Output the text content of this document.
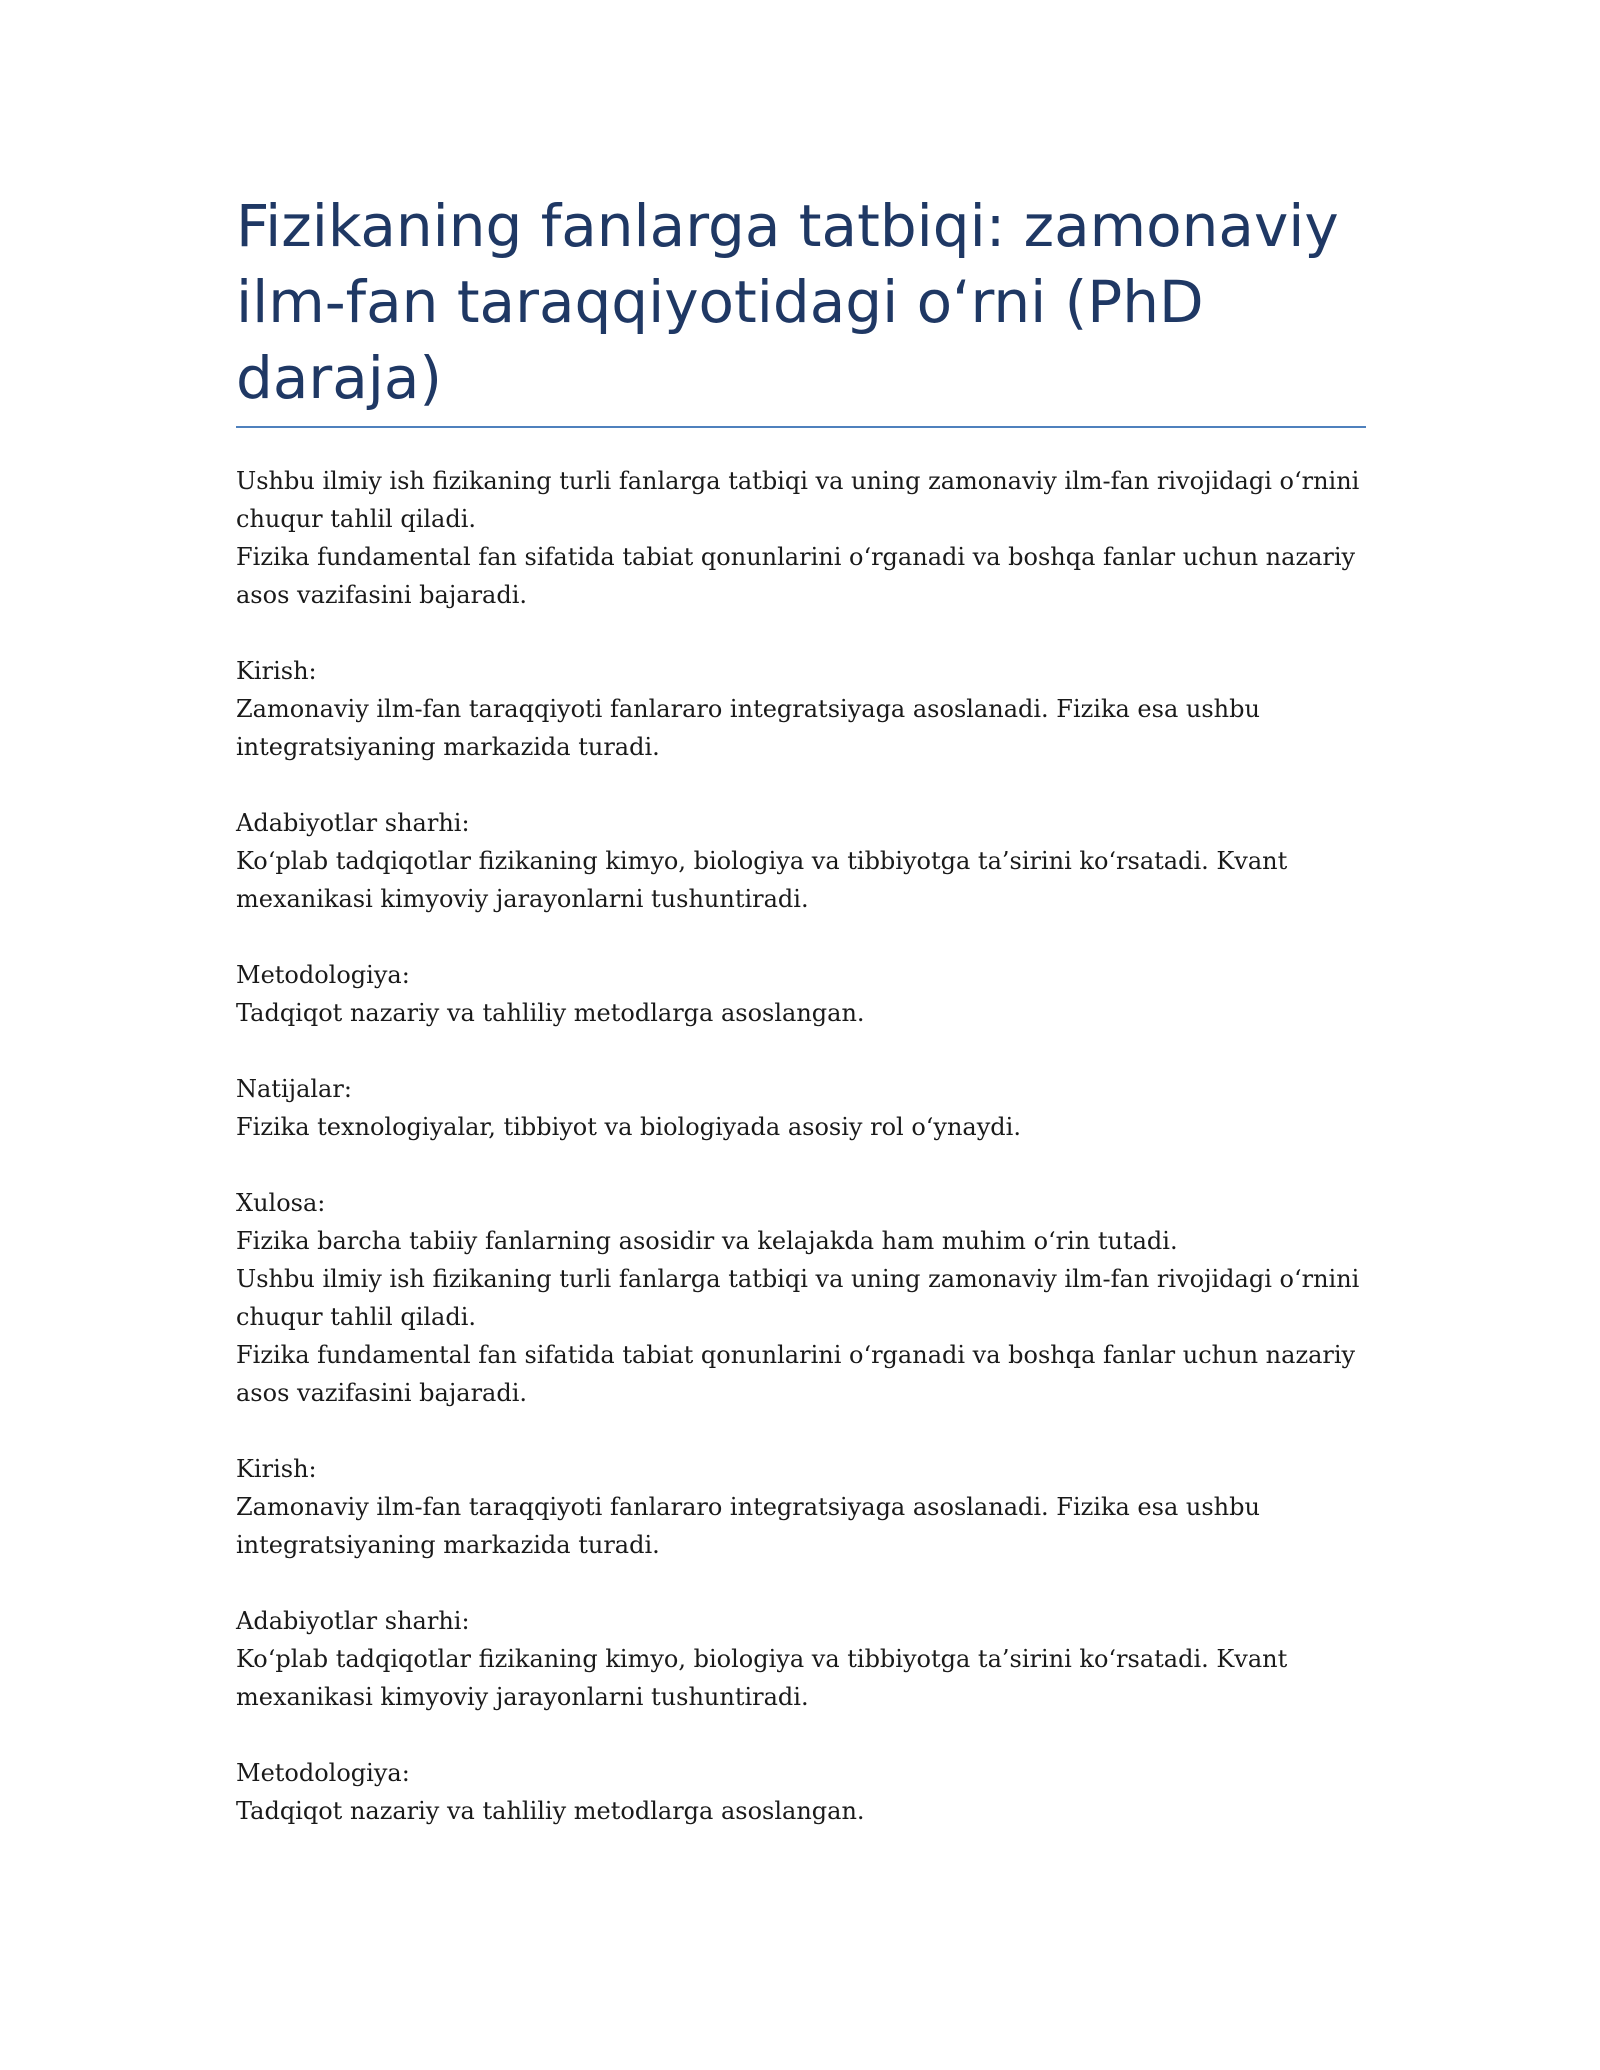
Fizikaning fanlarga tatbiqi: zamonaviy
ilm-fan taraqqiyotidagi o‘rni (PhD
daraja)
Ushbu ilmiy ish fizikaning turli fanlarga tatbiqi va uning zamonaviy ilm-fan rivojidagi o‘rnini
chuqur tahlil qiladi.
Fizika fundamental fan sifatida tabiat qonunlarini o‘rganadi va boshqa fanlar uchun nazariy
asos vazifasini bajaradi.
Kirish:
Zamonaviy ilm-fan taraqqiyoti fanlararo integratsiyaga asoslanadi. Fizika esa ushbu
integratsiyaning markazida turadi.
Adabiyotlar sharhi:
Ko‘plab tadqiqotlar fizikaning kimyo, biologiya va tibbiyotga ta’sirini ko‘rsatadi. Kvant
mexanikasi kimyoviy jarayonlarni tushuntiradi.
Metodologiya:
Tadqiqot nazariy va tahliliy metodlarga asoslangan.
Natijalar:
Fizika texnologiyalar, tibbiyot va biologiyada asosiy rol o‘ynaydi.
Xulosa:
Fizika barcha tabiiy fanlarning asosidir va kelajakda ham muhim o‘rin tutadi.
Ushbu ilmiy ish fizikaning turli fanlarga tatbiqi va uning zamonaviy ilm-fan rivojidagi o‘rnini
chuqur tahlil qiladi.
Fizika fundamental fan sifatida tabiat qonunlarini o‘rganadi va boshqa fanlar uchun nazariy
asos vazifasini bajaradi.
Kirish:
Zamonaviy ilm-fan taraqqiyoti fanlararo integratsiyaga asoslanadi. Fizika esa ushbu
integratsiyaning markazida turadi.
Adabiyotlar sharhi:
Ko‘plab tadqiqotlar fizikaning kimyo, biologiya va tibbiyotga ta’sirini ko‘rsatadi. Kvant
mexanikasi kimyoviy jarayonlarni tushuntiradi.
Metodologiya:
Tadqiqot nazariy va tahliliy metodlarga asoslangan.
